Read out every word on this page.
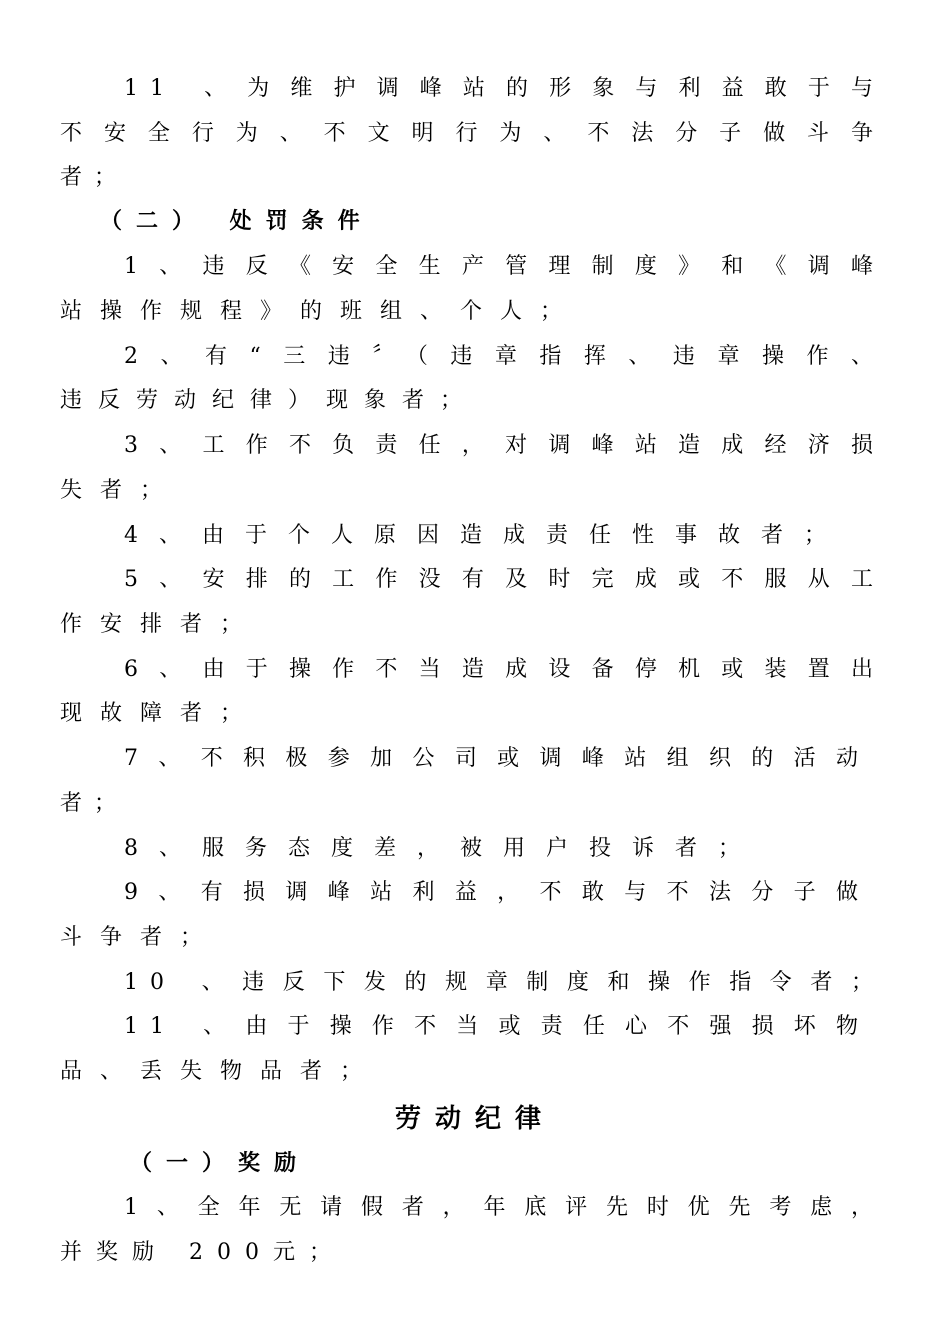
11 、为维护调峰站的形象与利益敢于与
不安全行为、不文明行为、不法分子做斗争
者；
（二） 处罚条件
1、违反《安全生产管理制度》和《调峰
站操作规程》的班组、个人；
2、有“三违〞（违章指挥、违章操作、
违反劳动纪律）现象者；
3、工作不负责任，对调峰站造成经济损
失者；
4、由于个人原因造成责任性事故者；
5、安排的工作没有及时完成或不服从工
作安排者；
6、由于操作不当造成设备停机或装置出
现故障者；
7、不积极参加公司或调峰站组织的活动
者；
8、服务态度差，被用户投诉者；
9、有损调峰站利益，不敢与不法分子做
斗争者；
10 、违反下发的规章制度和操作指令者；
11 、由于操作不当或责任心不强损坏物
品、丢失物品者；
劳动纪律
（一）奖励
1、全年无请假者，年底评先时优先考虑，
并奖励 200元；
